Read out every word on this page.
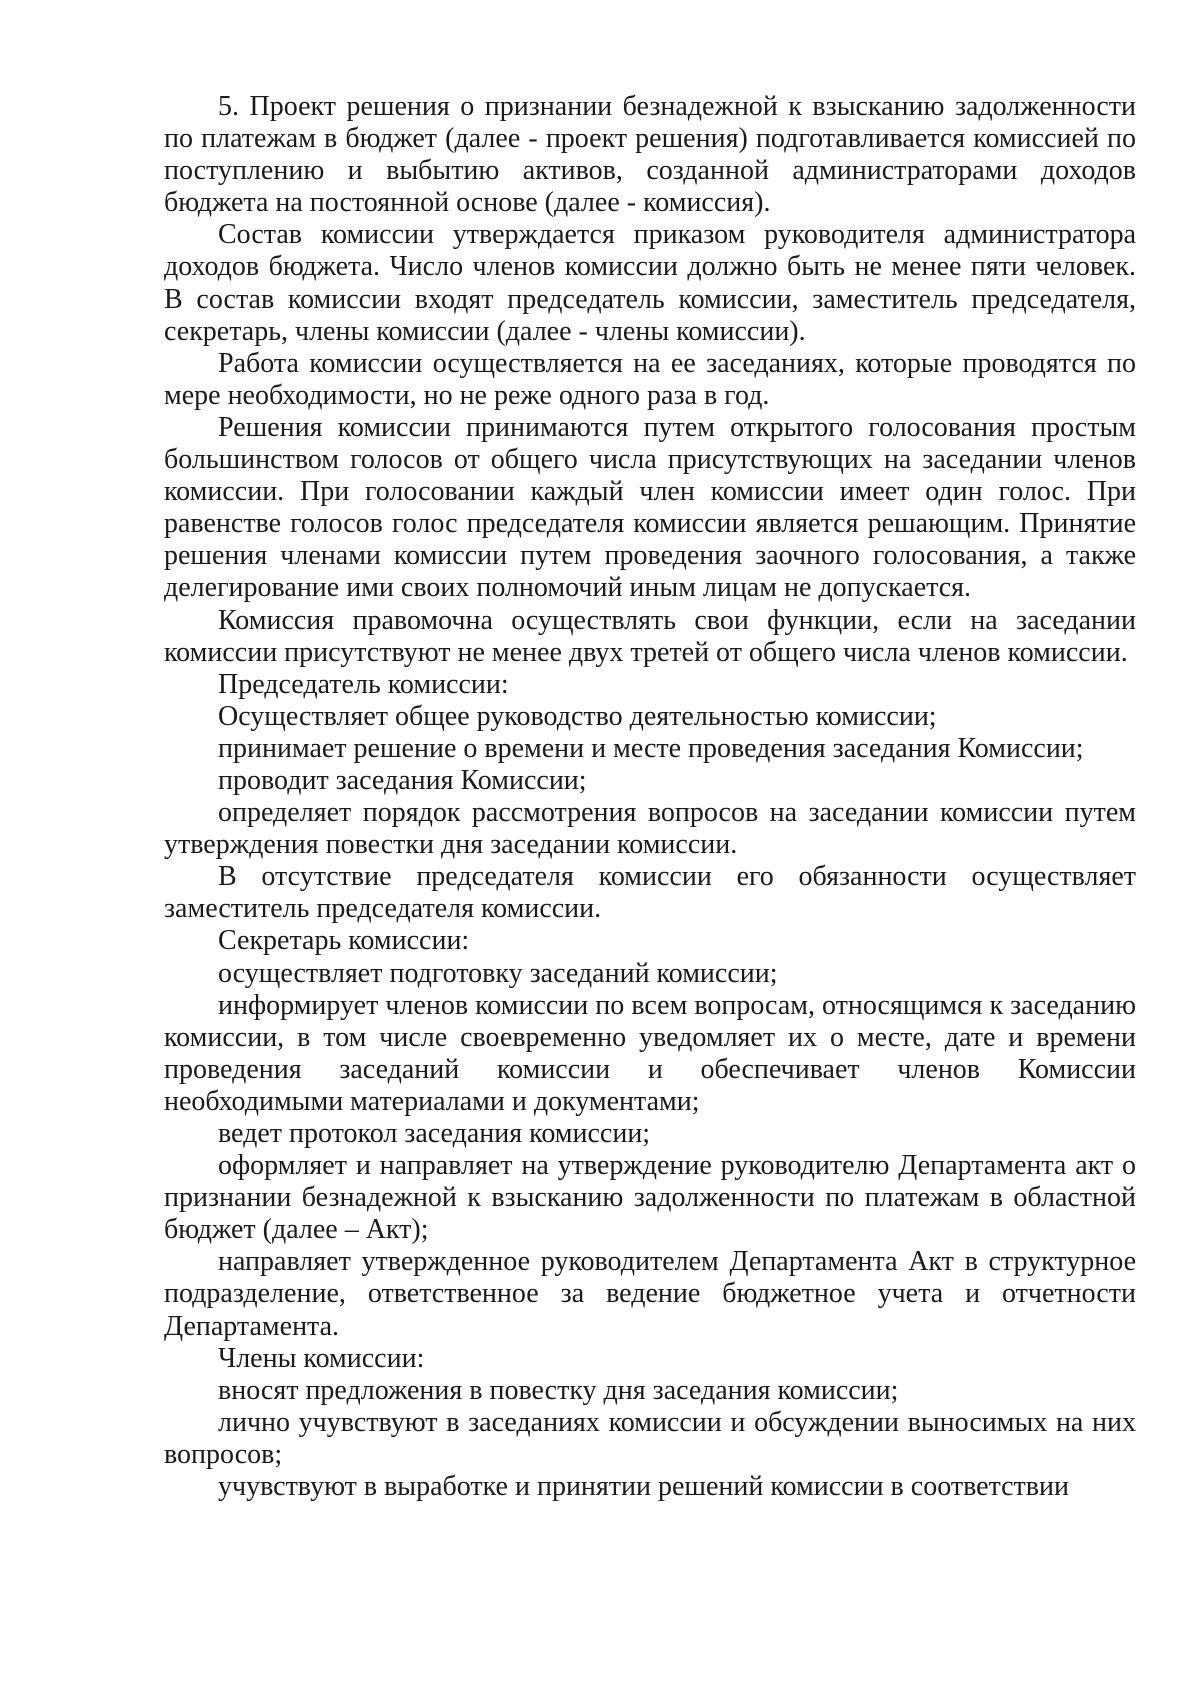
5. Проект решения о признании безнадежной к взысканию задолженности по платежам в бюджет (далее - проект решения) подготавливается комиссией по поступлению и выбытию активов, созданной администраторами доходов бюджета на постоянной основе (далее - комиссия).

Состав комиссии утверждается приказом руководителя администратора доходов бюджета. Число членов комиссии должно быть не менее пяти человек. В состав комиссии входят председатель комиссии, заместитель председателя, секретарь, члены комиссии (далее - члены комиссии).

Работа комиссии осуществляется на ее заседаниях, которые проводятся по мере необходимости, но не реже одного раза в год.

Решения комиссии принимаются путем открытого голосования простым большинством голосов от общего числа присутствующих на заседании членов комиссии. При голосовании каждый член комиссии имеет один голос. При равенстве голосов голос председателя комиссии является решающим. Принятие решения членами комиссии путем проведения заочного голосования, а также делегирование ими своих полномочий иным лицам не допускается.

Комиссия правомочна осуществлять свои функции, если на заседании комиссии присутствуют не менее двух третей от общего числа членов комиссии.

Председатель комиссии:

Осуществляет общее руководство деятельностью комиссии;

принимает решение о времени и месте проведения заседания Комиссии;

проводит заседания Комиссии;

определяет порядок рассмотрения вопросов на заседании комиссии путем утверждения повестки дня заседании комиссии.

В отсутствие председателя комиссии его обязанности осуществляет заместитель председателя комиссии.

Секретарь комиссии:

осуществляет подготовку заседаний комиссии;

информирует членов комиссии по всем вопросам, относящимся к заседанию комиссии, в том числе своевременно уведомляет их о месте, дате и времени проведения заседаний комиссии и обеспечивает членов Комиссии необходимыми материалами и документами;

ведет протокол заседания комиссии;

оформляет и направляет на утверждение руководителю Департамента акт о признании безнадежной к взысканию задолженности по платежам в областной бюджет (далее – Акт);

направляет утвержденное руководителем Департамента Акт в структурное подразделение, ответственное за ведение бюджетное учета и отчетности Департамента.

Члены комиссии:

вносят предложения в повестку дня заседания комиссии;

лично учувствуют в заседаниях комиссии и обсуждении выносимых на них вопросов;

учувствуют в выработке и принятии решений комиссии в соответствии
